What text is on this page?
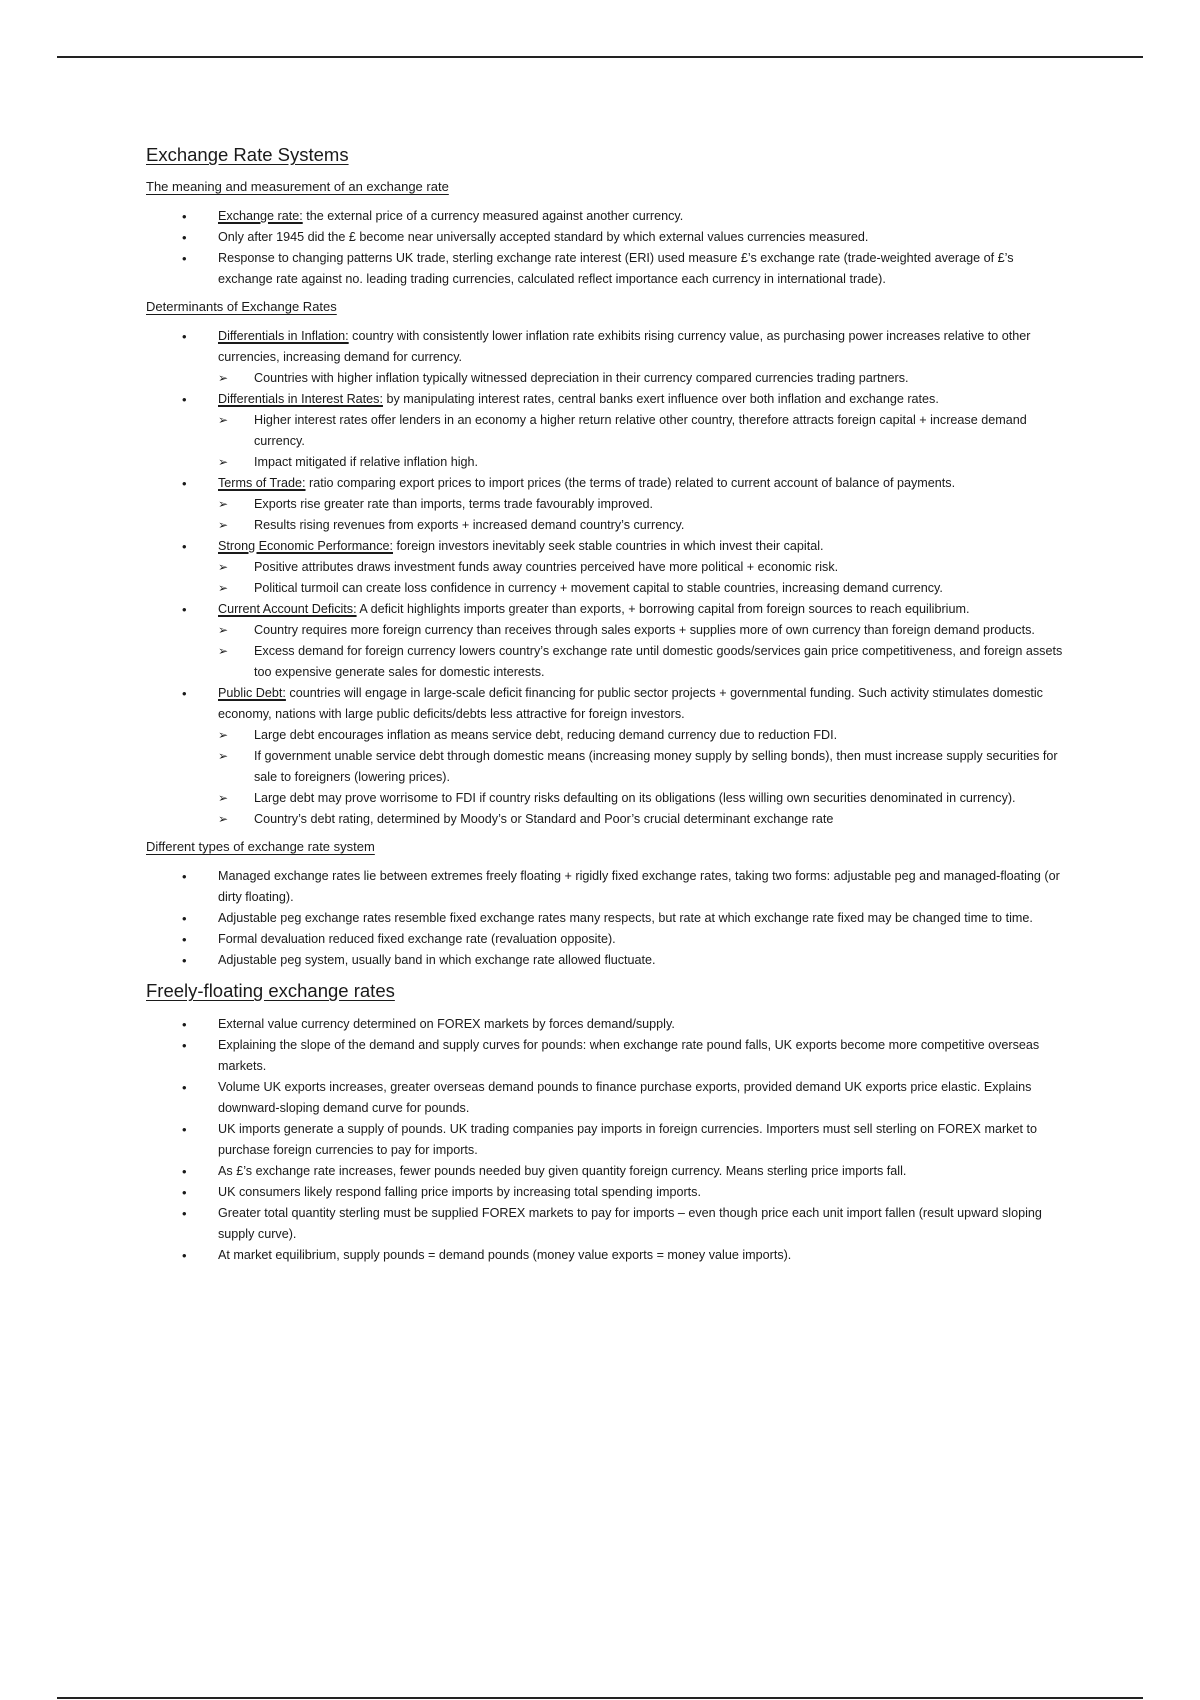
Exchange Rate Systems
The meaning and measurement of an exchange rate
• Exchange rate: the external price of a currency measured against another currency.
• Only after 1945 did the £ become near universally accepted standard by which external values currencies measured.
• Response to changing patterns UK trade, sterling exchange rate interest (ERI) used measure £’s exchange rate (trade-weighted average of £’s exchange rate against no. leading trading currencies, calculated reflect importance each currency in international trade).
Determinants of Exchange Rates
• Differentials in Inflation: country with consistently lower inflation rate exhibits rising currency value, as purchasing power increases relative to other currencies, increasing demand for currency.
➢ Countries with higher inflation typically witnessed depreciation in their currency compared currencies trading partners.
• Differentials in Interest Rates: by manipulating interest rates, central banks exert influence over both inflation and exchange rates.
➢ Higher interest rates offer lenders in an economy a higher return relative other country, therefore attracts foreign capital + increase demand currency.
➢ Impact mitigated if relative inflation high.
• Terms of Trade: ratio comparing export prices to import prices (the terms of trade) related to current account of balance of payments.
➢ Exports rise greater rate than imports, terms trade favourably improved.
➢ Results rising revenues from exports + increased demand country’s currency.
• Strong Economic Performance: foreign investors inevitably seek stable countries in which invest their capital.
➢ Positive attributes draws investment funds away countries perceived have more political + economic risk.
➢ Political turmoil can create loss confidence in currency + movement capital to stable countries, increasing demand currency.
• Current Account Deficits: A deficit highlights imports greater than exports, + borrowing capital from foreign sources to reach equilibrium.
➢ Country requires more foreign currency than receives through sales exports + supplies more of own currency than foreign demand products.
➢ Excess demand for foreign currency lowers country’s exchange rate until domestic goods/services gain price competitiveness, and foreign assets too expensive generate sales for domestic interests.
• Public Debt: countries will engage in large-scale deficit financing for public sector projects + governmental funding. Such activity stimulates domestic economy, nations with large public deficits/debts less attractive for foreign investors.
➢ Large debt encourages inflation as means service debt, reducing demand currency due to reduction FDI.
➢ If government unable service debt through domestic means (increasing money supply by selling bonds), then must increase supply securities for sale to foreigners (lowering prices).
➢ Large debt may prove worrisome to FDI if country risks defaulting on its obligations (less willing own securities denominated in currency).
➢ Country’s debt rating, determined by Moody’s or Standard and Poor’s crucial determinant exchange rate
Different types of exchange rate system
• Managed exchange rates lie between extremes freely floating + rigidly fixed exchange rates, taking two forms: adjustable peg and managed-floating (or dirty floating).
• Adjustable peg exchange rates resemble fixed exchange rates many respects, but rate at which exchange rate fixed may be changed time to time.
• Formal devaluation reduced fixed exchange rate (revaluation opposite).
• Adjustable peg system, usually band in which exchange rate allowed fluctuate.
Freely-floating exchange rates
• External value currency determined on FOREX markets by forces demand/supply.
• Explaining the slope of the demand and supply curves for pounds: when exchange rate pound falls, UK exports become more competitive overseas markets.
• Volume UK exports increases, greater overseas demand pounds to finance purchase exports, provided demand UK exports price elastic. Explains downward-sloping demand curve for pounds.
• UK imports generate a supply of pounds. UK trading companies pay imports in foreign currencies. Importers must sell sterling on FOREX market to purchase foreign currencies to pay for imports.
• As £’s exchange rate increases, fewer pounds needed buy given quantity foreign currency. Means sterling price imports fall.
• UK consumers likely respond falling price imports by increasing total spending imports.
• Greater total quantity sterling must be supplied FOREX markets to pay for imports – even though price each unit import fallen (result upward sloping supply curve).
• At market equilibrium, supply pounds = demand pounds (money value exports = money value imports).
